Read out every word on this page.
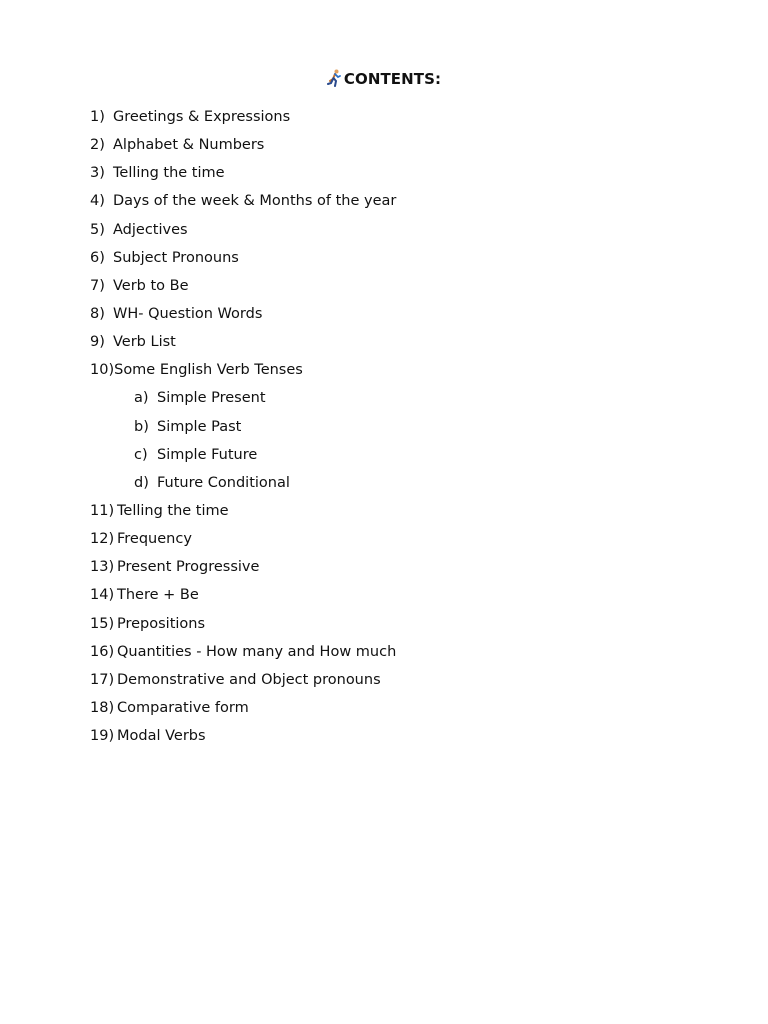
CONTENTS:
1) Greetings & Expressions
2) Alphabet & Numbers
3) Telling the time
4) Days of the week & Months of the year
5) Adjectives
6) Subject Pronouns
7) Verb to Be
8) WH- Question Words
9) Verb List
10)Some English Verb Tenses
a) Simple Present
b) Simple Past
c) Simple Future
d) Future Conditional
11) Telling the time
12) Frequency
13) Present Progressive
14) There + Be
15) Prepositions
16) Quantities - How many and How much
17) Demonstrative and Object pronouns
18) Comparative form
19) Modal Verbs
